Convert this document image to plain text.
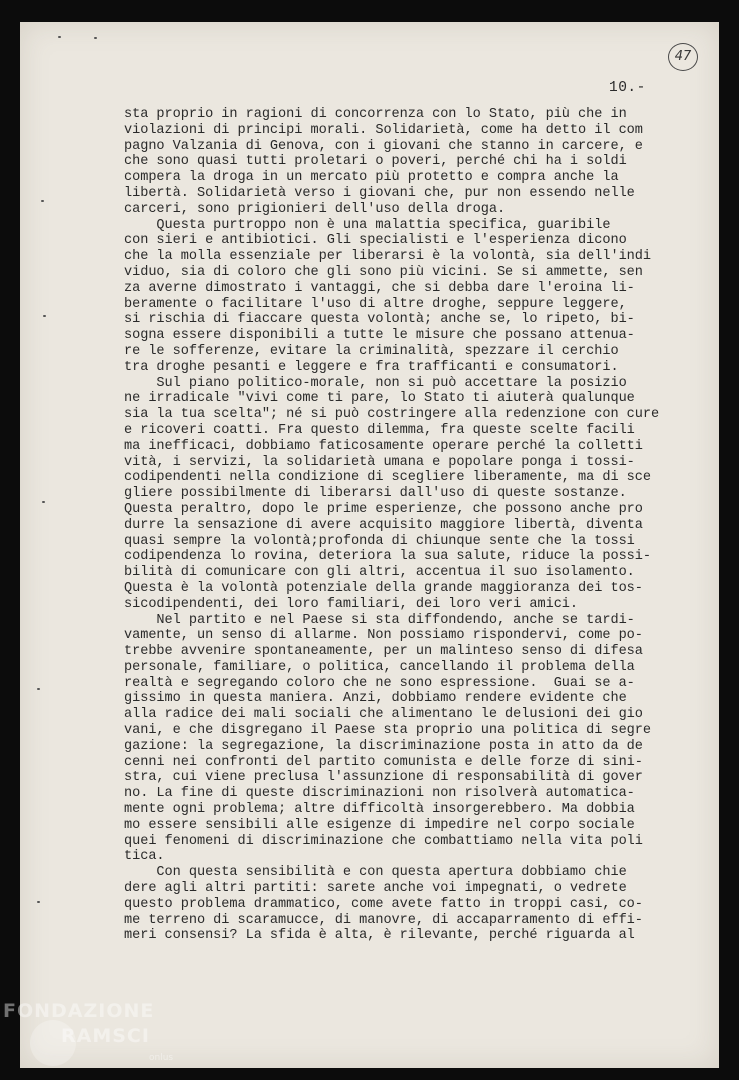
47
10.-
sta proprio in ragioni di concorrenza con lo Stato, più che in
violazioni di principi morali. Solidarietà, come ha detto il com
pagno Valzania di Genova, con i giovani che stanno in carcere, e
che sono quasi tutti proletari o poveri, perché chi ha i soldi
compera la droga in un mercato più protetto e compra anche la
libertà. Solidarietà verso i giovani che, pur non essendo nelle
carceri, sono prigionieri dell'uso della droga.
Questa purtroppo non è una malattia specifica, guaribile
con sieri e antibiotici. Gli specialisti e l'esperienza dicono
che la molla essenziale per liberarsi è la volontà, sia dell'indi
viduo, sia di coloro che gli sono più vicini. Se si ammette, sen
za averne dimostrato i vantaggi, che si debba dare l'eroina li-
beramente o facilitare l'uso di altre droghe, seppure leggere,
si rischia di fiaccare questa volontà; anche se, lo ripeto, bi-
sogna essere disponibili a tutte le misure che possano attenua-
re le sofferenze, evitare la criminalità, spezzare il cerchio
tra droghe pesanti e leggere e fra trafficanti e consumatori.
Sul piano politico-morale, non si può accettare la posizio
ne irradicale "vivi come ti pare, lo Stato ti aiuterà qualunque
sia la tua scelta"; né si può costringere alla redenzione con cure
e ricoveri coatti. Fra questo dilemma, fra queste scelte facili
ma inefficaci, dobbiamo faticosamente operare perché la colletti
vità, i servizi, la solidarietà umana e popolare ponga i tossi-
codipendenti nella condizione di scegliere liberamente, ma di sce
gliere possibilmente di liberarsi dall'uso di queste sostanze.
Questa peraltro, dopo le prime esperienze, che possono anche pro
durre la sensazione di avere acquisito maggiore libertà, diventa
quasi sempre la volontà;profonda di chiunque sente che la tossi
codipendenza lo rovina, deteriora la sua salute, riduce la possi-
bilità di comunicare con gli altri, accentua il suo isolamento.
Questa è la volontà potenziale della grande maggioranza dei tos-
sicodipendenti, dei loro familiari, dei loro veri amici.
Nel partito e nel Paese si sta diffondendo, anche se tardi-
vamente, un senso di allarme. Non possiamo rispondervi, come po-
trebbe avvenire spontaneamente, per un malinteso senso di difesa
personale, familiare, o politica, cancellando il problema della
realtà e segregando coloro che ne sono espressione.  Guai se a-
gissimo in questa maniera. Anzi, dobbiamo rendere evidente che
alla radice dei mali sociali che alimentano le delusioni dei gio
vani, e che disgregano il Paese sta proprio una politica di segre
gazione: la segregazione, la discriminazione posta in atto da de
cenni nei confronti del partito comunista e delle forze di sini-
stra, cui viene preclusa l'assunzione di responsabilità di gover
no. La fine di queste discriminazioni non risolverà automatica-
mente ogni problema; altre difficoltà insorgerebbero. Ma dobbia
mo essere sensibili alle esigenze di impedire nel corpo sociale
quei fenomeni di discriminazione che combattiamo nella vita poli
tica.
Con questa sensibilità e con questa apertura dobbiamo chie
dere agli altri partiti: sarete anche voi impegnati, o vedrete
questo problema drammatico, come avete fatto in troppi casi, co-
me terreno di scaramucce, di manovre, di accaparramento di effi-
meri consensi? La sfida è alta, è rilevante, perché riguarda al
FONDAZIONE
RAMSCI
onlus
